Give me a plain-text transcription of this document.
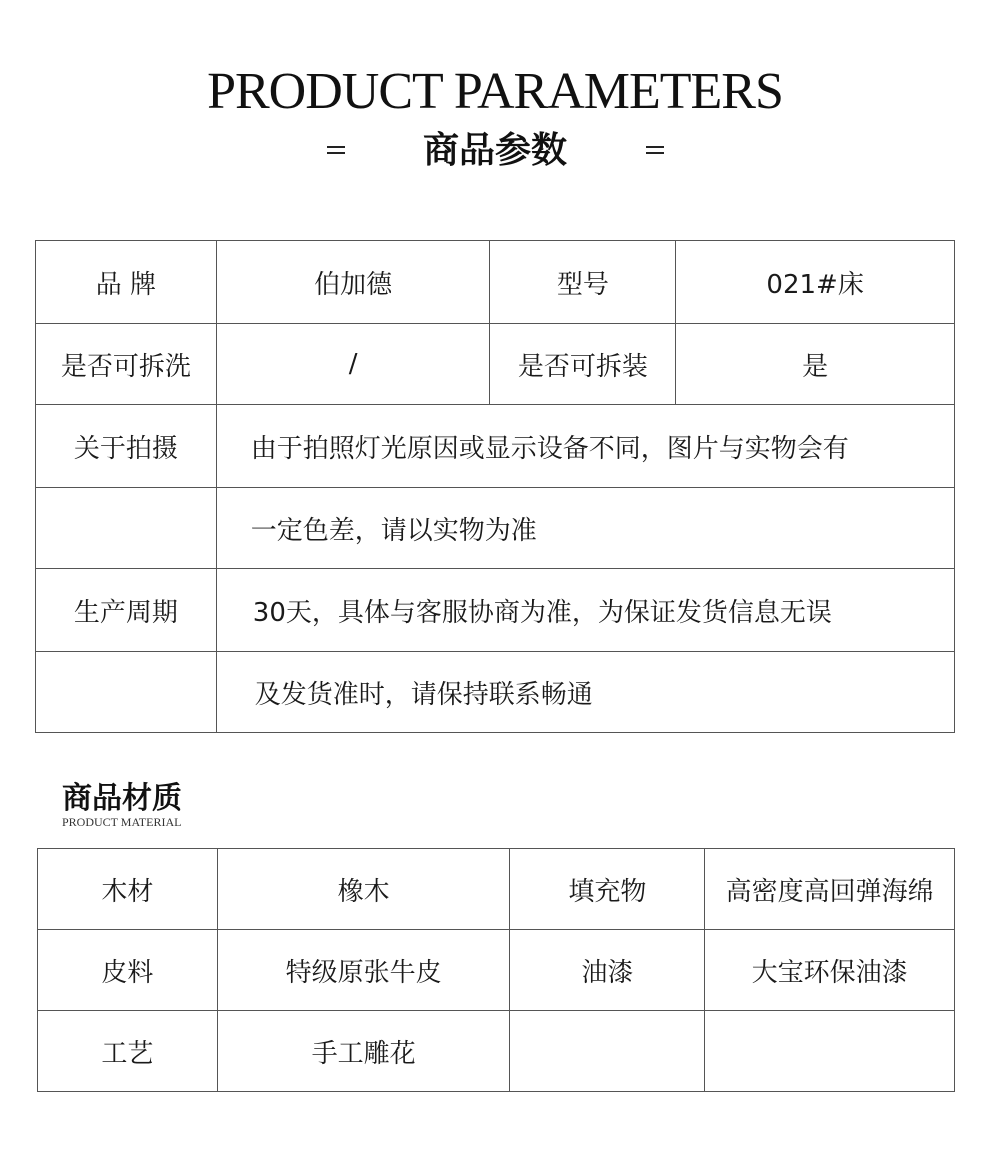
PRODUCT PARAMETERS
商品参数
品 牌	伯加德	型号	021#床
是否可拆洗	/	是否可拆装	是
关于拍摄	由于拍照灯光原因或显示设备不同，图片与实物会有		
	一定色差，请以实物为准		
生产周期	30天，具体与客服协商为准，为保证发货信息无误		
	及发货准时，请保持联系畅通		
商品材质
PRODUCT MATERIAL
木材	橡木	填充物	高密度高回弹海绵
皮料	特级原张牛皮	油漆	大宝环保油漆
工艺	手工雕花		
